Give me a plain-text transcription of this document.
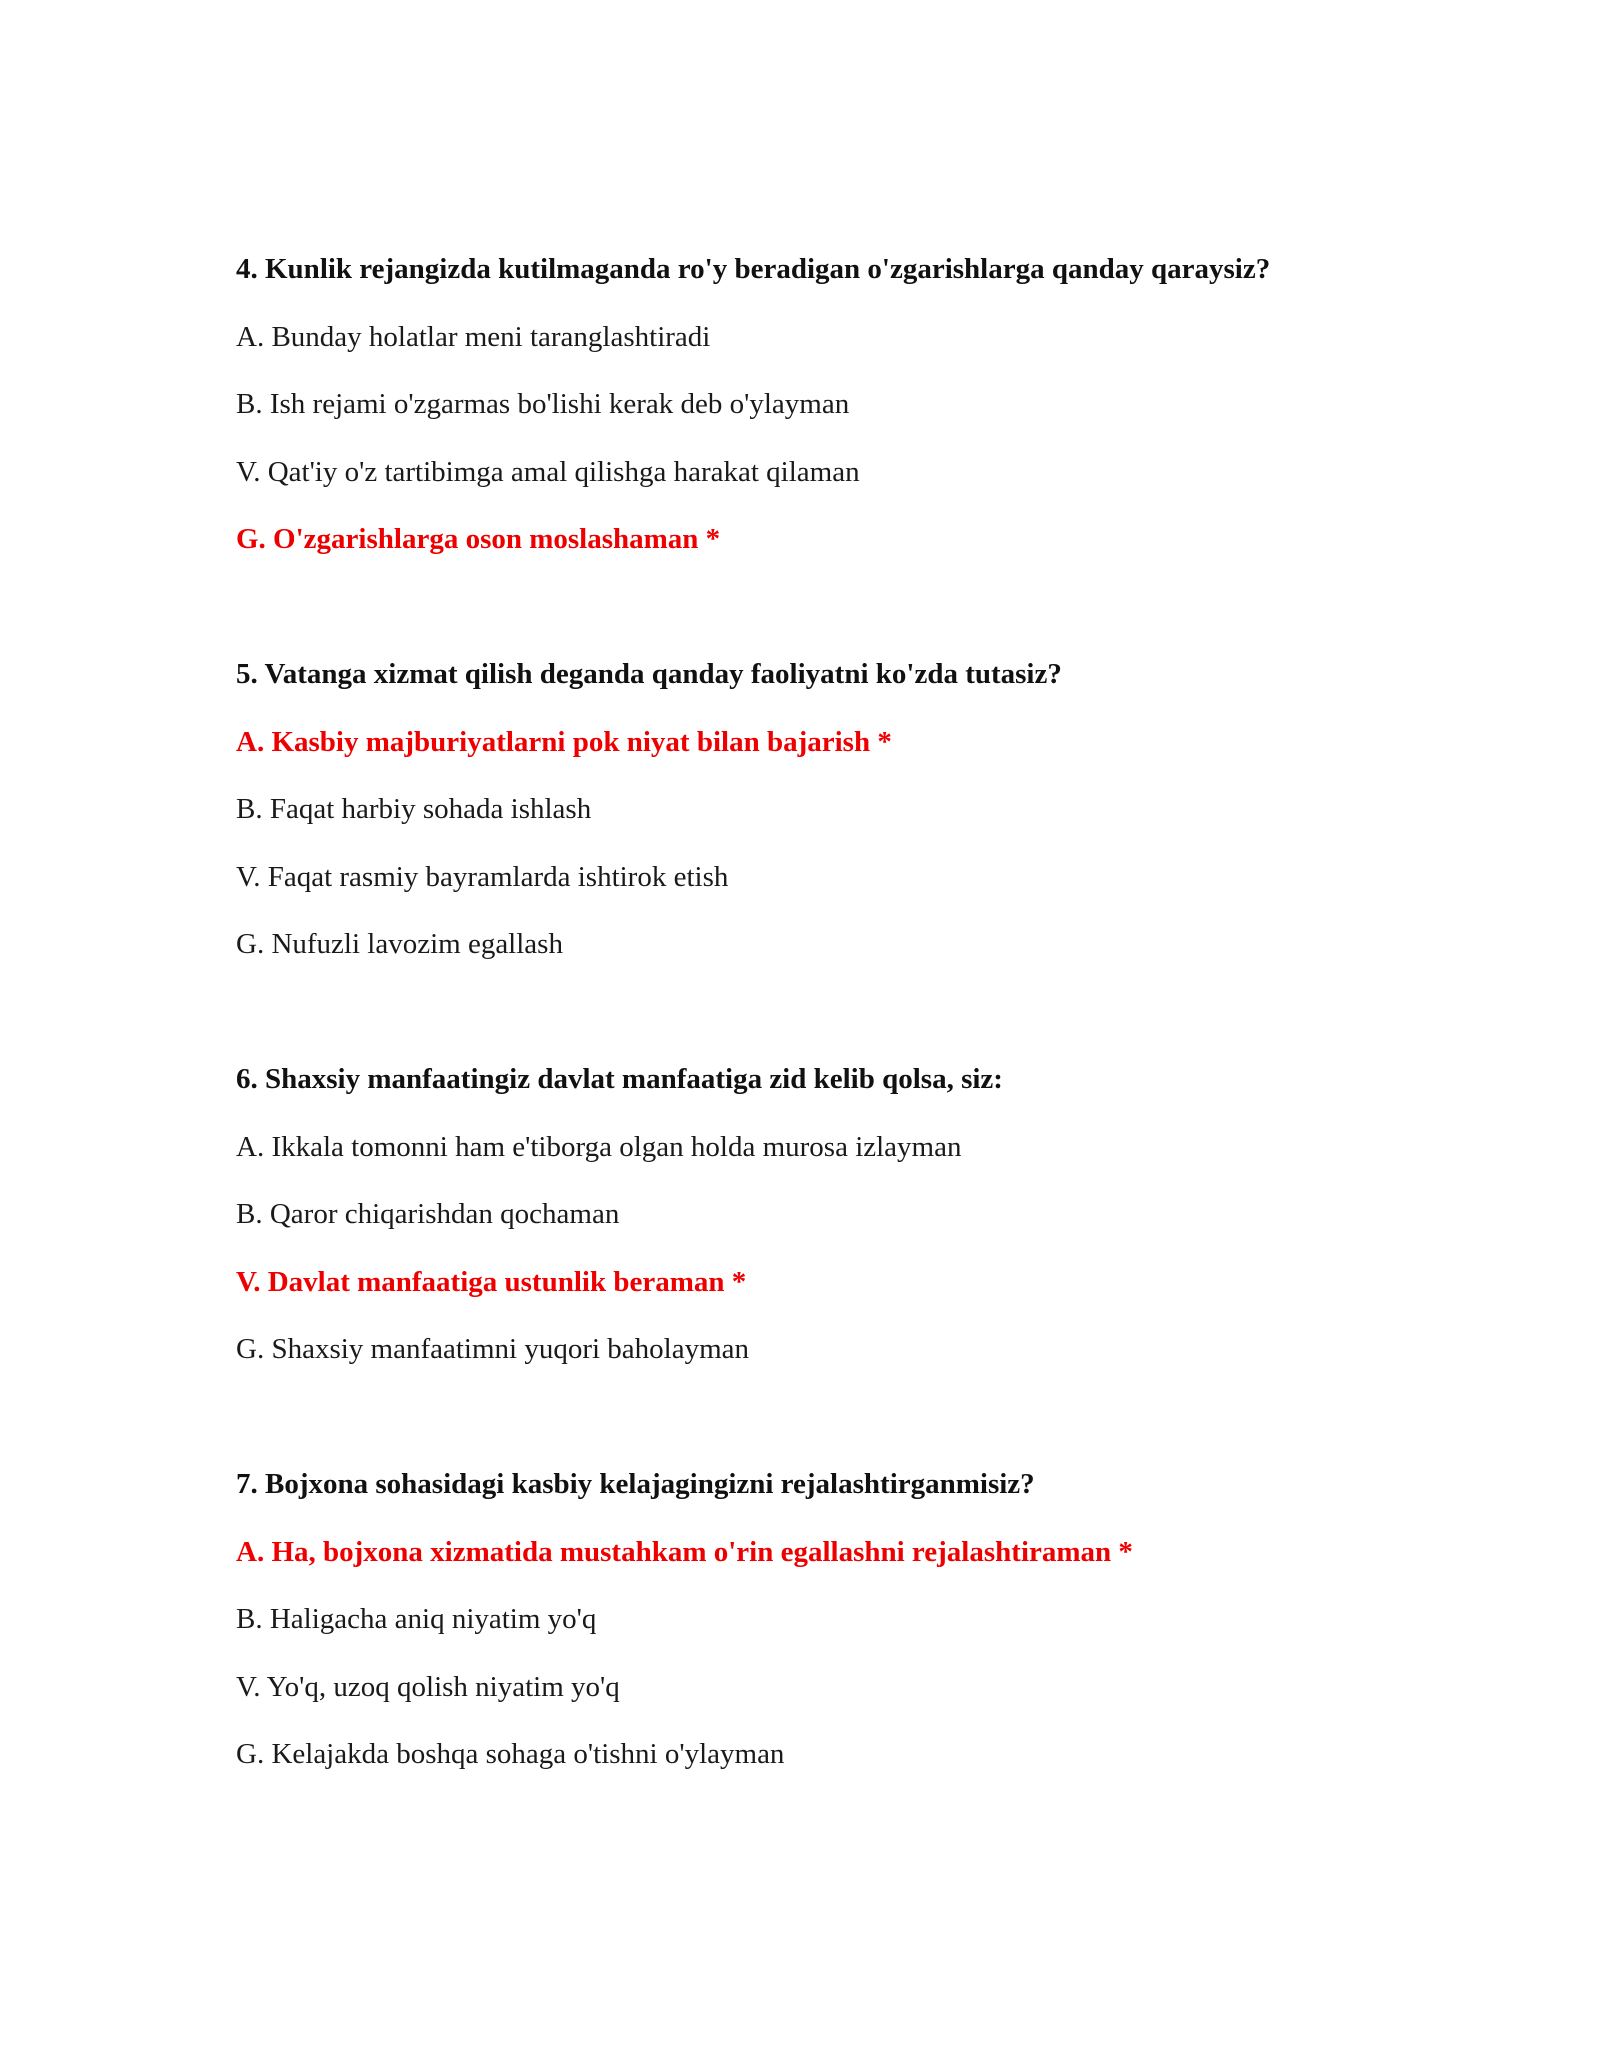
4. Kunlik rejangizda kutilmaganda ro'y beradigan o'zgarishlarga qanday qaraysiz?
A. Bunday holatlar meni taranglashtiradi
B. Ish rejami o'zgarmas bo'lishi kerak deb o'ylayman
V. Qat'iy o'z tartibimga amal qilishga harakat qilaman
G. O'zgarishlarga oson moslashaman *
5. Vatanga xizmat qilish deganda qanday faoliyatni ko'zda tutasiz?
A. Kasbiy majburiyatlarni pok niyat bilan bajarish *
B. Faqat harbiy sohada ishlash
V. Faqat rasmiy bayramlarda ishtirok etish
G. Nufuzli lavozim egallash
6. Shaxsiy manfaatingiz davlat manfaatiga zid kelib qolsa, siz:
A. Ikkala tomonni ham e'tiborga olgan holda murosa izlayman
B. Qaror chiqarishdan qochaman
V. Davlat manfaatiga ustunlik beraman *
G. Shaxsiy manfaatimni yuqori baholayman
7. Bojxona sohasidagi kasbiy kelajagingizni rejalashtirganmisiz?
A. Ha, bojxona xizmatida mustahkam o'rin egallashni rejalashtiraman *
B. Haligacha aniq niyatim yo'q
V. Yo'q, uzoq qolish niyatim yo'q
G. Kelajakda boshqa sohaga o'tishni o'ylayman
